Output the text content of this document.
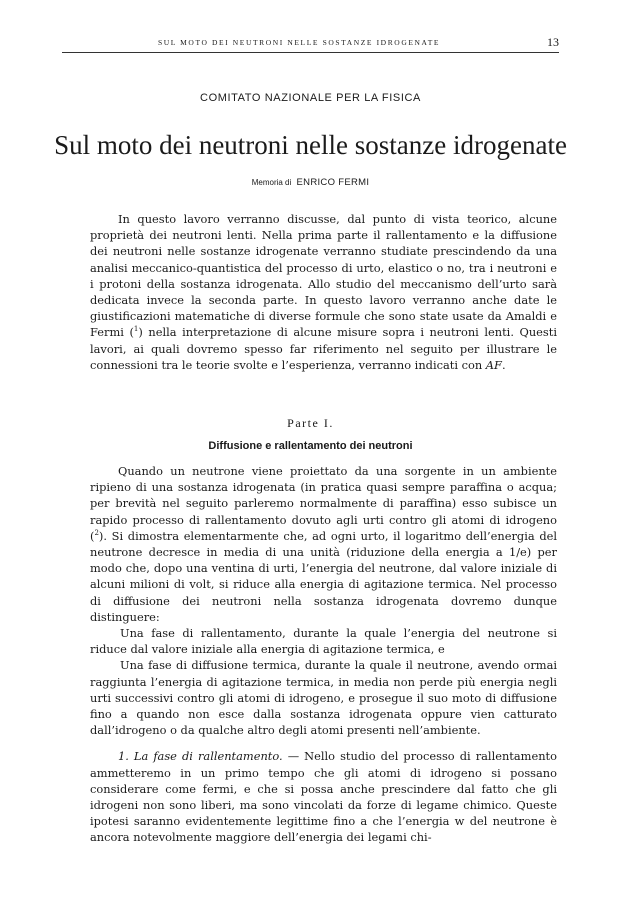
SUL MOTO DEI NEUTRONI NELLE SOSTANZE IDROGENATE	13
COMITATO NAZIONALE PER LA FISICA
Sul moto dei neutroni nelle sostanze idrogenate
Memoria di ENRICO FERMI

In questo lavoro verranno discusse, dal punto di vista teorico, alcune proprietà dei neutroni lenti. Nella prima parte il rallentamento e la diffusione dei neutroni nelle sostanze idrogenate verranno studiate prescindendo da una analisi meccanico-quantistica del processo di urto, elastico o no, tra i neutroni e i protoni della sostanza idrogenata. Allo studio del meccanismo dell’urto sarà dedicata invece la seconda parte. In questo lavoro verranno anche date le giustificazioni matematiche di diverse formule che sono state usate da Amaldi e Fermi ($^1$) nella interpretazione di alcune misure sopra i neutroni lenti. Questi lavori, ai quali dovremo spesso far riferimento nel seguito per illustrare le connessioni tra le teorie svolte e l’esperienza, verranno indicati con AF.

Parte I.
Diffusione e rallentamento dei neutroni

Quando un neutrone viene proiettato da una sorgente in un ambiente ripieno di una sostanza idrogenata (in pratica quasi sempre paraffina o acqua; per brevità nel seguito parleremo normalmente di paraffina) esso subisce un rapido processo di rallentamento dovuto agli urti contro gli atomi di idrogeno ($^2$). Si dimostra elementarmente che, ad ogni urto, il logaritmo dell’energia del neutrone decresce in media di una unità (riduzione della energia a 1/e) per modo che, dopo una ventina di urti, l’energia del neutrone, dal valore iniziale di alcuni milioni di volt, si riduce alla energia di agitazione termica. Nel processo di diffusione dei neutroni nella sostanza idrogenata dovremo dunque distinguere:

Una fase di rallentamento, durante la quale l’energia del neutrone si riduce dal valore iniziale alla energia di agitazione termica, e

Una fase di diffusione termica, durante la quale il neutrone, avendo ormai raggiunta l’energia di agitazione termica, in media non perde più energia negli urti successivi contro gli atomi di idrogeno, e prosegue il suo moto di diffusione fino a quando non esce dalla sostanza idrogenata oppure vien catturato dall’idrogeno o da qualche altro degli atomi presenti nell’ambiente.

1. La fase di rallentamento. — Nello studio del processo di rallentamento ammetteremo in un primo tempo che gli atomi di idrogeno si possano considerare come fermi, e che si possa anche prescindere dal fatto che gli idrogeni non sono liberi, ma sono vincolati da forze di legame chimico. Queste ipotesi saranno evidentemente legittime fino a che l’energia w del neutrone è ancora notevolmente maggiore dell’energia dei legami chi-
